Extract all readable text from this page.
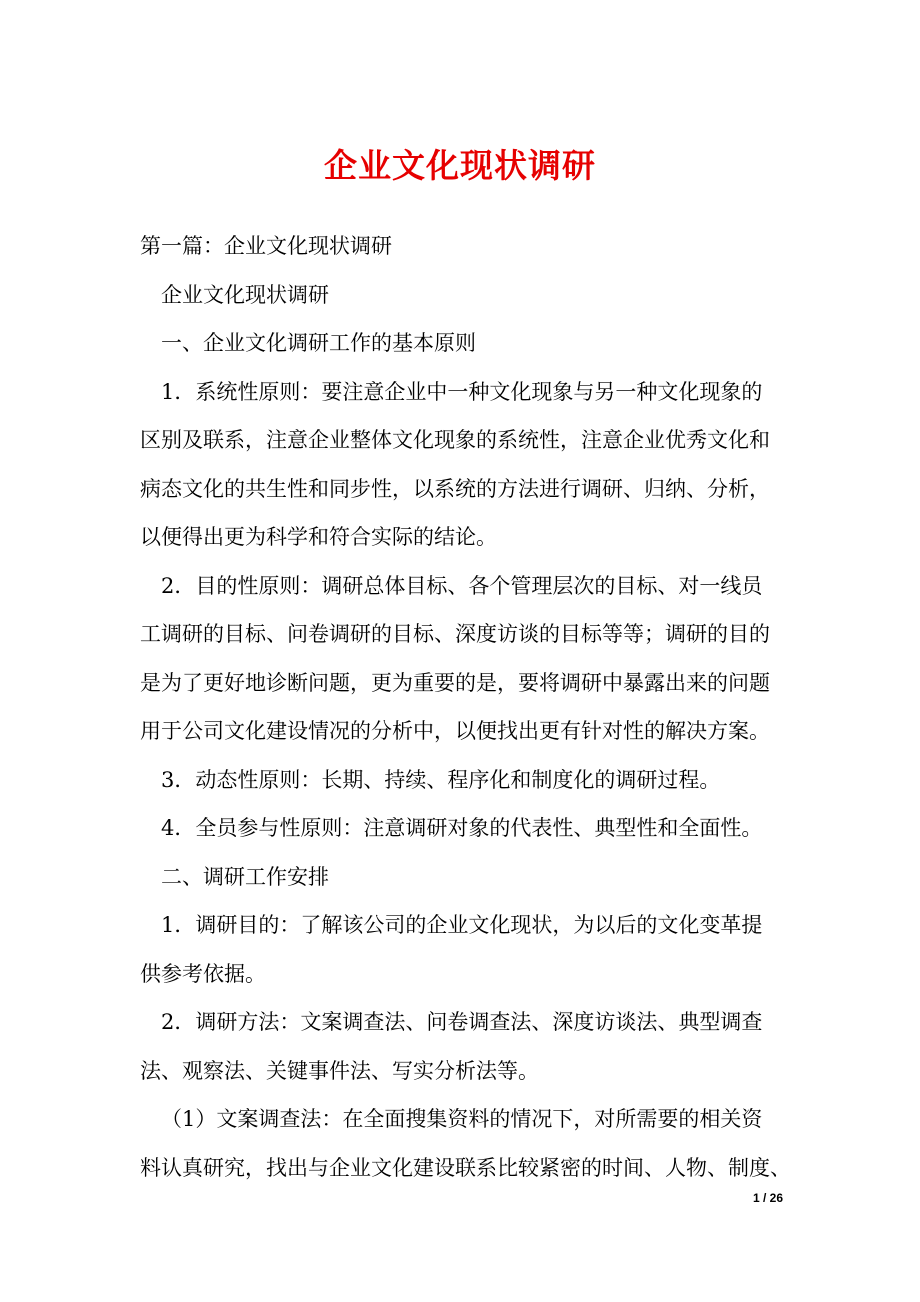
企业文化现状调研
第一篇：企业文化现状调研
企业文化现状调研
一、企业文化调研工作的基本原则
1．系统性原则：要注意企业中一种文化现象与另一种文化现象的
区别及联系，注意企业整体文化现象的系统性，注意企业优秀文化和
病态文化的共生性和同步性，以系统的方法进行调研、归纳、分析，
以便得出更为科学和符合实际的结论。
2．目的性原则：调研总体目标、各个管理层次的目标、对一线员
工调研的目标、问卷调研的目标、深度访谈的目标等等；调研的目的
是为了更好地诊断问题，更为重要的是，要将调研中暴露出来的问题
用于公司文化建设情况的分析中，以便找出更有针对性的解决方案。
3．动态性原则：长期、持续、程序化和制度化的调研过程。
4．全员参与性原则：注意调研对象的代表性、典型性和全面性。
二、调研工作安排
1．调研目的：了解该公司的企业文化现状，为以后的文化变革提
供参考依据。
2．调研方法：文案调查法、问卷调查法、深度访谈法、典型调查
法、观察法、关键事件法、写实分析法等。
（1）文案调查法：在全面搜集资料的情况下，对所需要的相关资
料认真研究，找出与企业文化建设联系比较紧密的时间、人物、制度、
1 / 26
